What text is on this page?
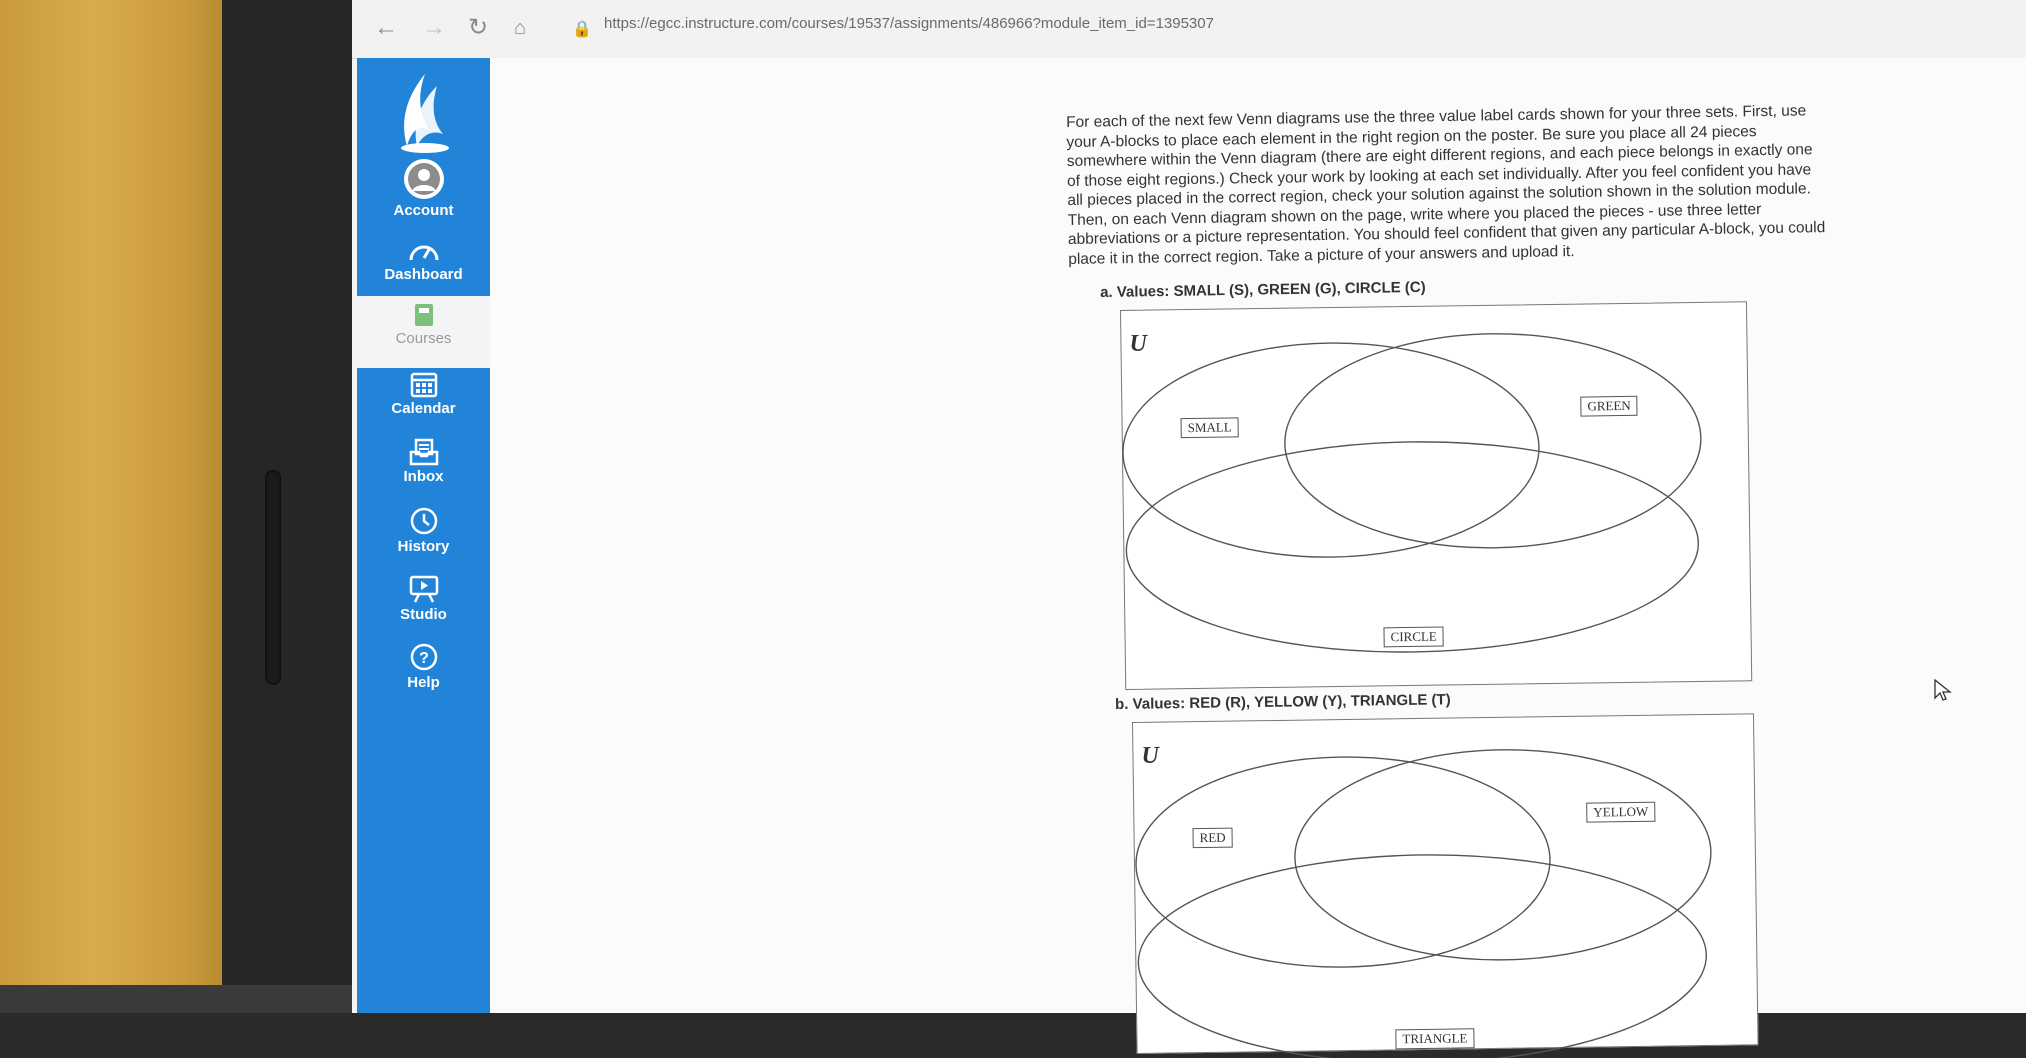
← → ↻ ⌂	🔒 https://egcc.instructure.com/courses/19537/assignments/486966?module_item_id=1395307
Account
Dashboard
Courses
Calendar
Inbox
History
Studio
?
Help
For each of the next few Venn diagrams use the three value label cards shown for your three sets. First, use your A-blocks to place each element in the right region on the poster. Be sure you place all 24 pieces somewhere within the Venn diagram (there are eight different regions, and each piece belongs in exactly one of those eight regions.) Check your work by looking at each set individually. After you feel confident you have all pieces placed in the correct region, check your solution against the solution shown in the solution module. Then, on each Venn diagram shown on the page, write where you placed the pieces - use three letter abbreviations or a picture representation. You should feel confident that given any particular A-block, you could place it in the correct region. Take a picture of your answers and upload it.
a. Values: SMALL (S), GREEN (G), CIRCLE (C)
U
SMALL
GREEN
CIRCLE
b. Values: RED (R), YELLOW (Y), TRIANGLE (T)
U
RED
YELLOW
TRIANGLE
